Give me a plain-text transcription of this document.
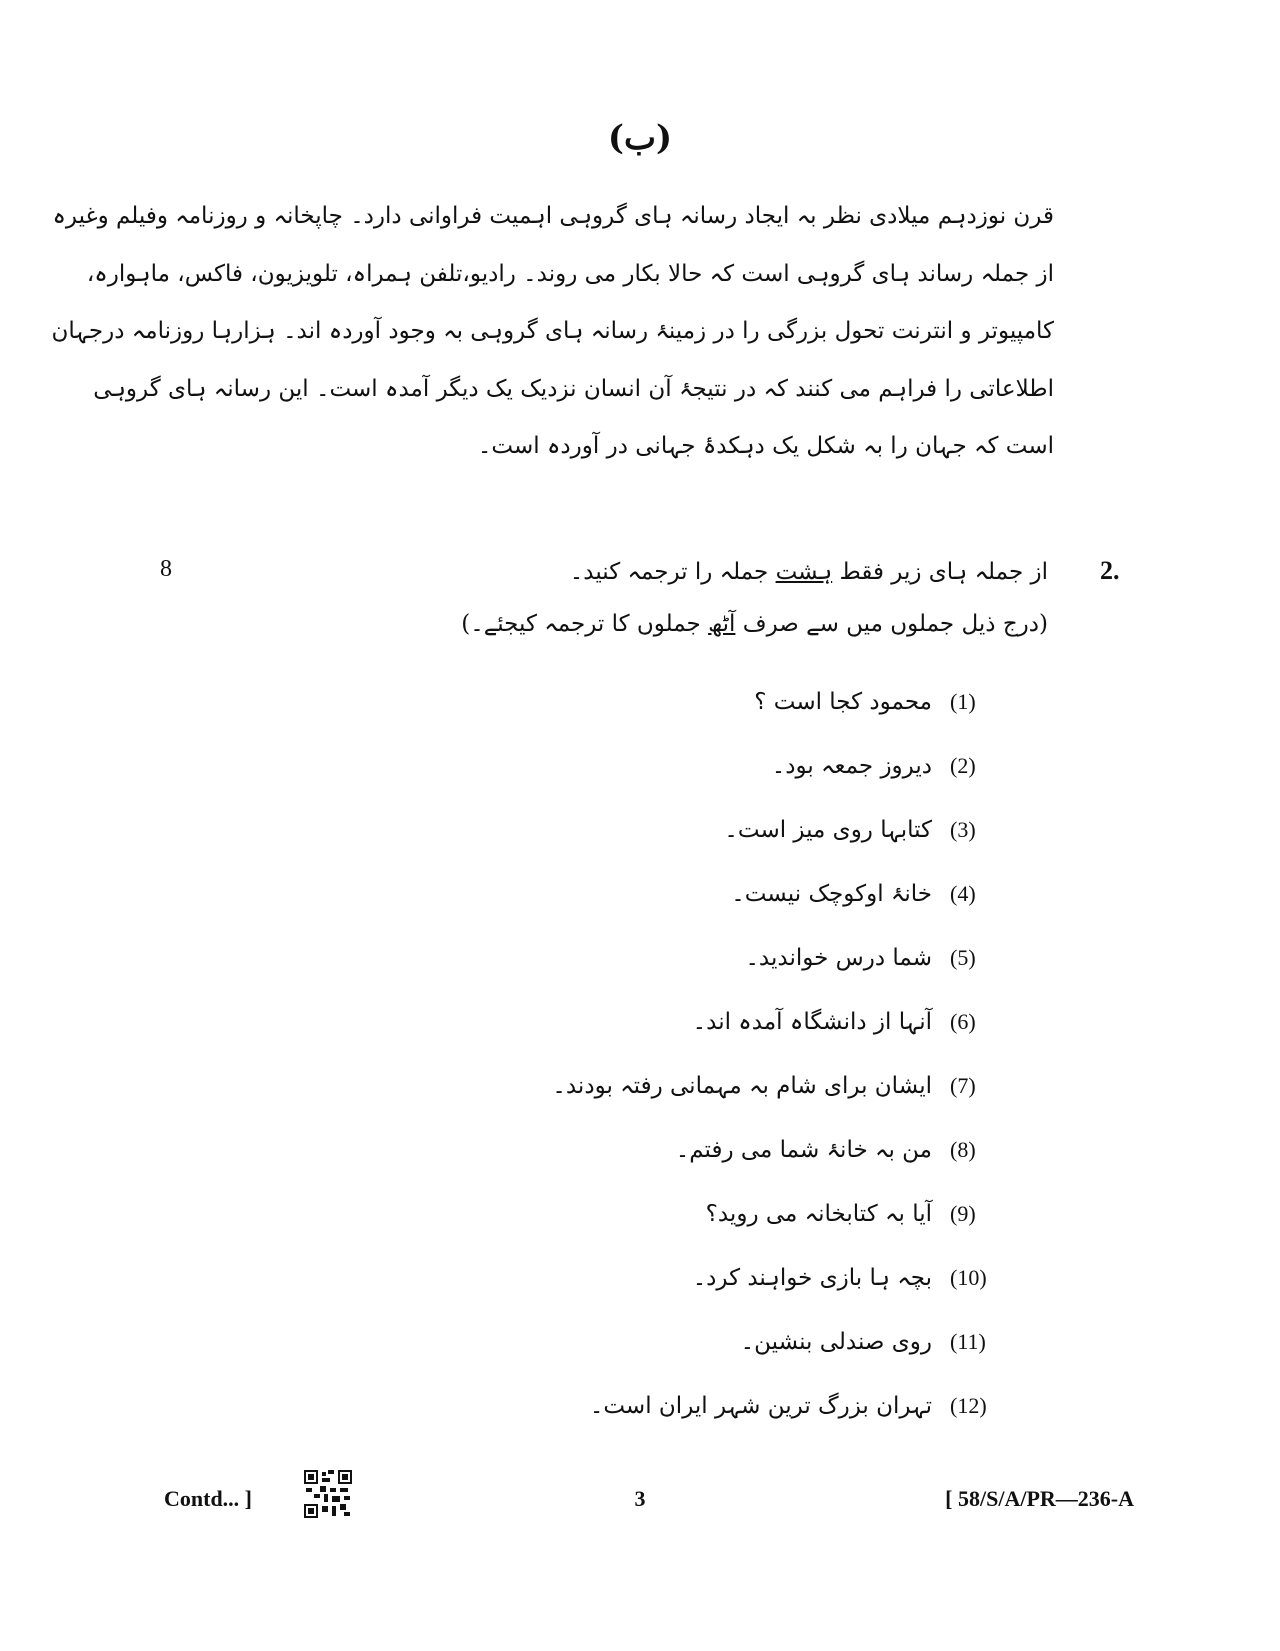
(ب)
قرن نوزدہم میلادی نظر بہ ایجاد رسانہ ہای گروہی اہمیت فراوانی دارد۔ چاپخانہ و روزنامہ وفیلم وغیرہ
از جملہ رساند ہای گروہی است کہ حالا بکار می روند۔ رادیو،تلفن ہمراہ، تلویزیون، فاکس، ماہوارہ،
کامپیوتر و انترنت تحول بزرگی را در زمینۂ رسانہ ہای گروہی بہ وجود آوردہ اند۔ ہزارہا روزنامہ درجہان
اطلاعاتی را فراہم می کنند کہ در نتیجۂ آن انسان نزدیک یک دیگر آمدہ است۔ این رسانہ ہای گروہی
است کہ جہان را بہ شکل یک دہکدۂ جہانی در آوردہ است۔
2.
8	از جملہ ہای زیر فقط ہشت جملہ را ترجمہ کنید۔
(درج ذیل جملوں میں سے صرف آٹھ جملوں کا ترجمہ کیجئے۔)
(1)محمود کجا است ؟
(2)دیروز جمعہ بود۔
(3)کتابہا روی میز است۔
(4)خانۂ اوکوچک نیست۔
(5)شما درس خواندید۔
(6)آنہا از دانشگاہ آمدہ اند۔
(7)ایشان برای شام بہ مہمانی رفتہ بودند۔
(8)من بہ خانۂ شما می رفتم۔
(9)آیا بہ کتابخانہ می روید؟
(10)بچہ ہا بازی خواہند کرد۔
(11)روی صندلی بنشین۔
(12)تہران بزرگ ترین شہر ایران است۔
Contd... ]	3	[ 58/S/A/PR—236-A
